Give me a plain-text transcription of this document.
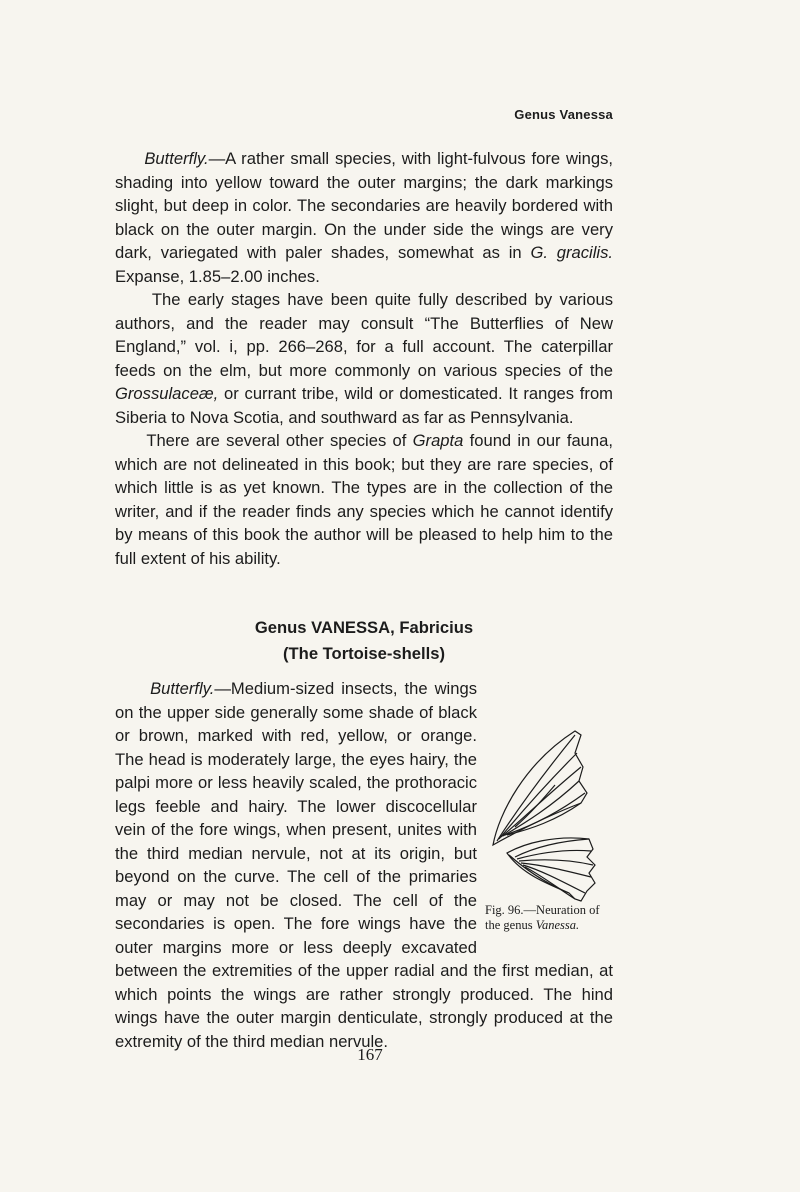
Genus Vanessa

Butterfly.—A rather small species, with light-fulvous fore wings, shading into yellow toward the outer margins; the dark markings slight, but deep in color. The secondaries are heavily bordered with black on the outer margin. On the under side the wings are very dark, variegated with paler shades, somewhat as in G. gracilis. Expanse, 1.85–2.00 inches.

The early stages have been quite fully described by various authors, and the reader may consult “The Butterflies of New England,” vol. i, pp. 266–268, for a full account. The caterpillar feeds on the elm, but more commonly on various species of the Grossulaceæ, or currant tribe, wild or domesticated. It ranges from Siberia to Nova Scotia, and southward as far as Pennsylvania.

There are several other species of Grapta found in our fauna, which are not delineated in this book; but they are rare species, of which little is as yet known. The types are in the collection of the writer, and if the reader finds any species which he cannot identify by means of this book the author will be pleased to help him to the full extent of his ability.

Genus VANESSA, Fabricius
(The Tortoise-shells)
Fig. 96.—Neuration of the genus Vanessa.

Butterfly.—Medium-sized insects, the wings on the upper side generally some shade of black or brown, marked with red, yellow, or orange. The head is moderately large, the eyes hairy, the palpi more or less heavily scaled, the prothoracic legs feeble and hairy. The lower discocellular vein of the fore wings, when present, unites with the third median nervule, not at its origin, but beyond on the curve. The cell of the primaries may or may not be closed. The cell of the secondaries is open. The fore wings have the outer margins more or less deeply excavated between the extremities of the upper radial and the first median, at which points the wings are rather strongly produced. The hind wings have the outer margin denticulate, strongly produced at the extremity of the third median nervule.

167
